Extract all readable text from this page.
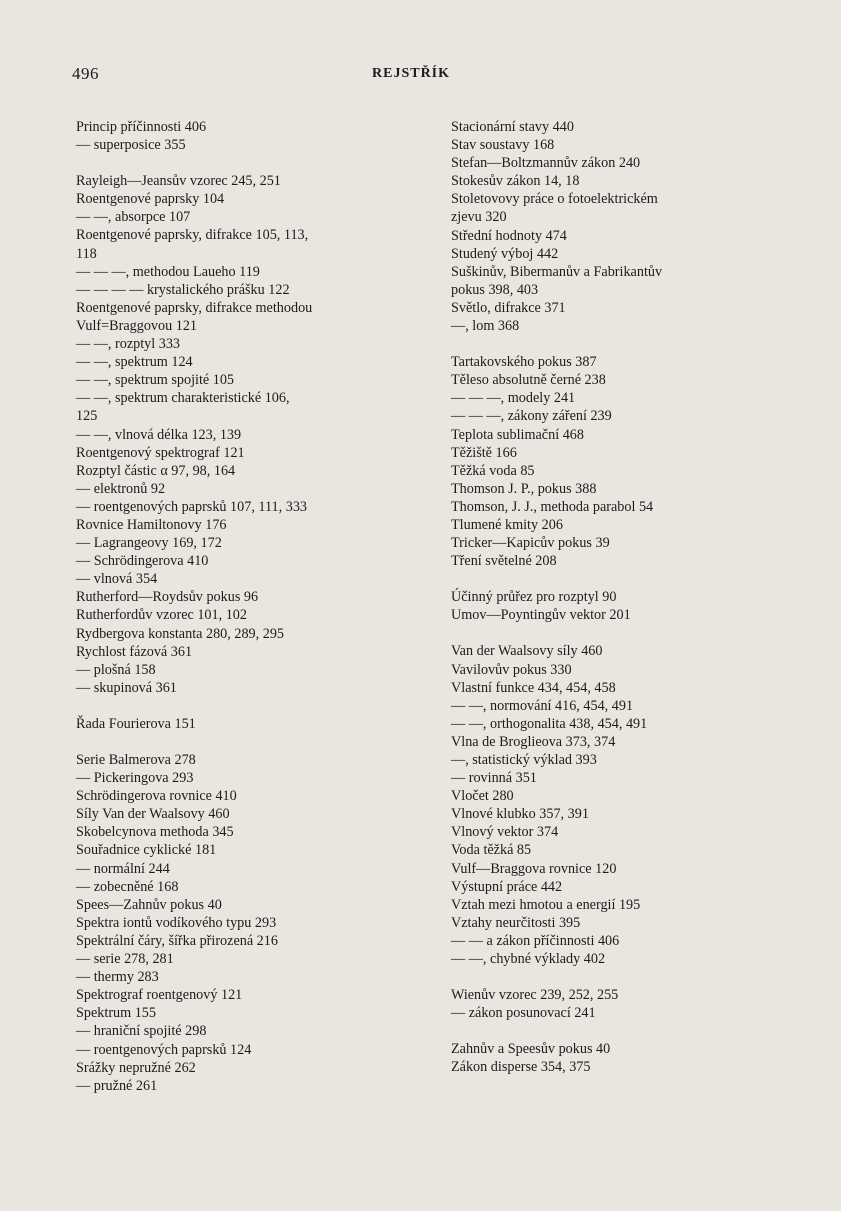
496	REJSTŘÍK
Princip příčinnosti 406
— superposice 355
Rayleigh—Jeansův vzorec 245, 251
Roentgenové paprsky 104
— —, absorpce 107
Roentgenové paprsky, difrakce 105, 113,
118
— — —, methodou Laueho 119
— — — — krystalického prášku 122
Roentgenové paprsky, difrakce methodou
Vulf=Braggovou 121
— —, rozptyl 333
— —, spektrum 124
— —, spektrum spojité 105
— —, spektrum charakteristické 106,
125
— —, vlnová délka 123, 139
Roentgenový spektrograf 121
Rozptyl částic α 97, 98, 164
— elektronů 92
— roentgenových paprsků 107, 111, 333
Rovnice Hamiltonovy 176
— Lagrangeovy 169, 172
— Schrödingerova 410
— vlnová 354
Rutherford—Roydsův pokus 96
Rutherfordův vzorec 101, 102
Rydbergova konstanta 280, 289, 295
Rychlost fázová 361
— plošná 158
— skupinová 361
Řada Fourierova 151
Serie Balmerova 278
— Pickeringova 293
Schrödingerova rovnice 410
Síly Van der Waalsovy 460
Skobelcynova methoda 345
Souřadnice cyklické 181
— normální 244
— zobecněné 168
Spees—Zahnův pokus 40
Spektra iontů vodíkového typu 293
Spektrální čáry, šířka přirozená 216
— serie 278, 281
— thermy 283
Spektrograf roentgenový 121
Spektrum 155
— hraniční spojité 298
— roentgenových paprsků 124
Srážky nepružné 262
— pružné 261
Stacionární stavy 440
Stav soustavy 168
Stefan—Boltzmannův zákon 240
Stokesův zákon 14, 18
Stoletovovy práce o fotoelektrickém
zjevu 320
Střední hodnoty 474
Studený výboj 442
Suškinův, Bibermanův a Fabrikantův
pokus 398, 403
Světlo, difrakce 371
—, lom 368
Tartakovského pokus 387
Těleso absolutně černé 238
— — —, modely 241
— — —, zákony záření 239
Teplota sublimační 468
Těžiště 166
Těžká voda 85
Thomson J. P., pokus 388
Thomson, J. J., methoda parabol 54
Tlumené kmity 206
Tricker—Kapicův pokus 39
Tření světelné 208
Účinný průřez pro rozptyl 90
Umov—Poyntingův vektor 201
Van der Waalsovy síly 460
Vavilovův pokus 330
Vlastní funkce 434, 454, 458
— —, normování 416, 454, 491
— —, orthogonalita 438, 454, 491
Vlna de Broglieova 373, 374
—, statistický výklad 393
— rovinná 351
Vločet 280
Vlnové klubko 357, 391
Vlnový vektor 374
Voda těžká 85
Vulf—Braggova rovnice 120
Výstupní práce 442
Vztah mezi hmotou a energií 195
Vztahy neurčitosti 395
— — a zákon příčinnosti 406
— —, chybné výklady 402
Wienův vzorec 239, 252, 255
— zákon posunovací 241
Zahnův a Speesův pokus 40
Zákon disperse 354, 375
